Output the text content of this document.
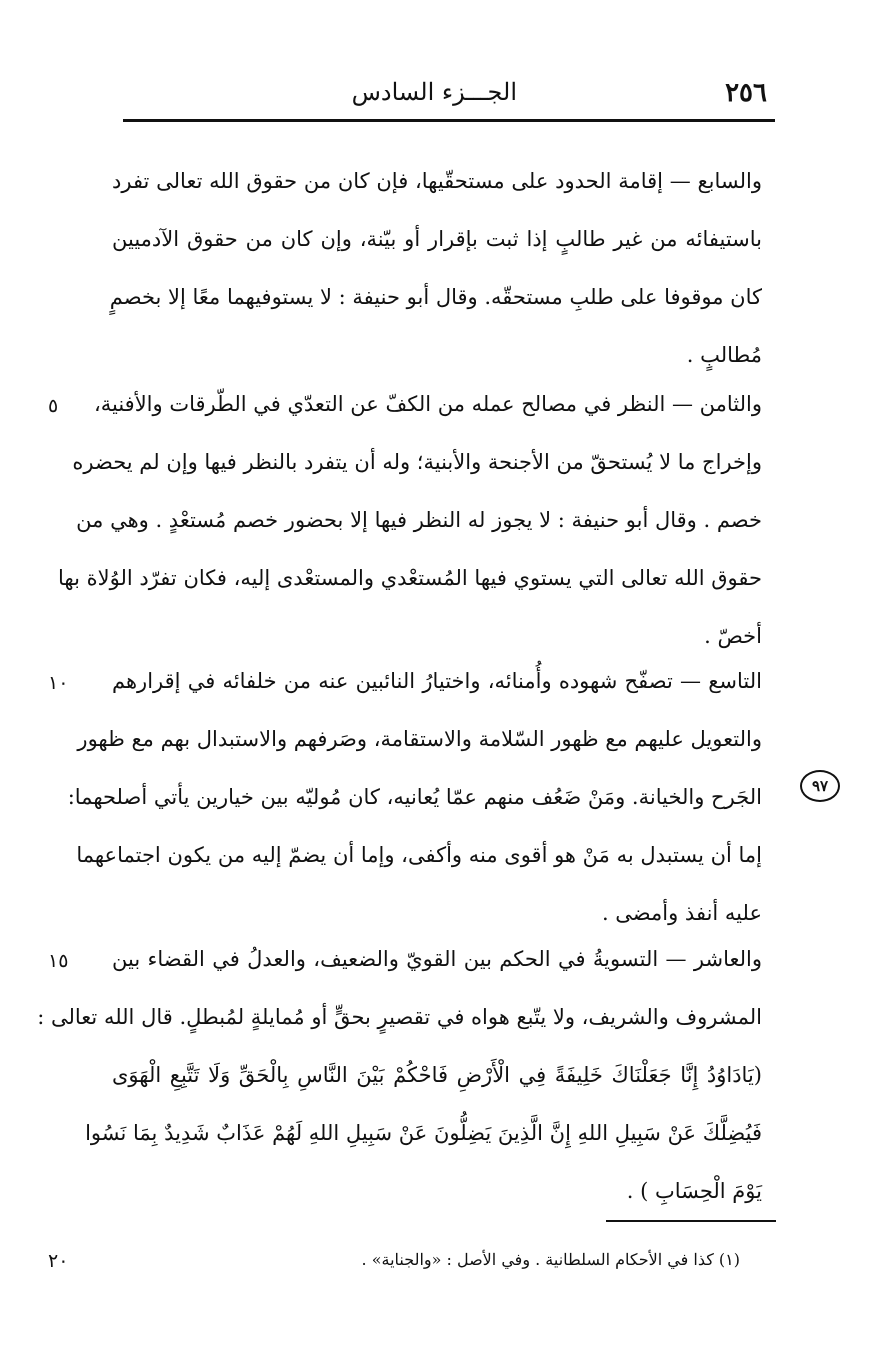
٢٥٦
الجـــزء السادس
والسابع — إقامة الحدود على مستحقّيها، فإن كان من حقوق الله تعالى تفرد
باستيفائه من غير طالبٍ إذا ثبت بإقرار أو بيّنة، وإن كان من حقوق الآدميين
كان موقوفا على طلبِ مستحقّه. وقال أبو حنيفة : لا يستوفيهما معًا إلا بخصمٍ
مُطالبٍ .
والثامن — النظر في مصالح عمله من الكفّ عن التعدّي في الطّرقات والأفنية،
وإخراج ما لا يُستحقّ من الأجنحة والأبنية؛ وله أن يتفرد بالنظر فيها وإن لم يحضره
خصم . وقال أبو حنيفة : لا يجوز له النظر فيها إلا بحضور خصم مُستعْدٍ . وهي من
حقوق الله تعالى التي يستوي فيها المُستعْدي والمستعْدى إليه، فكان تفرّد الوُلاة بها
أخصّ .
التاسع — تصفّح شهوده وأُمنائه، واختيارُ النائبين عنه من خلفائه في إقرارهم
والتعويل عليهم مع ظهور السّلامة والاستقامة، وصَرفهم والاستبدال بهم مع ظهور
الجَرح والخيانة. ومَنْ ضَعُف منهم عمّا يُعانيه، كان مُوليّه بين خيارين يأتي أصلحهما:
إما أن يستبدل به مَنْ هو أقوى منه وأكفى، وإما أن يضمّ إليه من يكون اجتماعهما
عليه أنفذ وأمضى .
والعاشر — التسويةُ في الحكم بين القويّ والضعيف، والعدلُ في القضاء بين
المشروف والشريف، ولا يتّبع هواه في تقصيرٍ بحقٍّ أو مُمايلةٍ لمُبطلٍ. قال الله تعالى :
(يَادَاوُدُ إِنَّا جَعَلْنَاكَ خَلِيفَةً فِي الْأَرْضِ فَاحْكُمْ بَيْنَ النَّاسِ بِالْحَقِّ وَلَا تَتَّبِعِ الْهَوَى
فَيُضِلَّكَ عَنْ سَبِيلِ اللهِ إِنَّ الَّذِينَ يَضِلُّونَ عَنْ سَبِيلِ اللهِ لَهُمْ عَذَابٌ شَدِيدٌ بِمَا نَسُوا
يَوْمَ الْحِسَابِ ) .
٥
١٠
١٥
٢٠
٩٧
(١) كذا في الأحكام السلطانية . وفي الأصل : «والجناية» .
